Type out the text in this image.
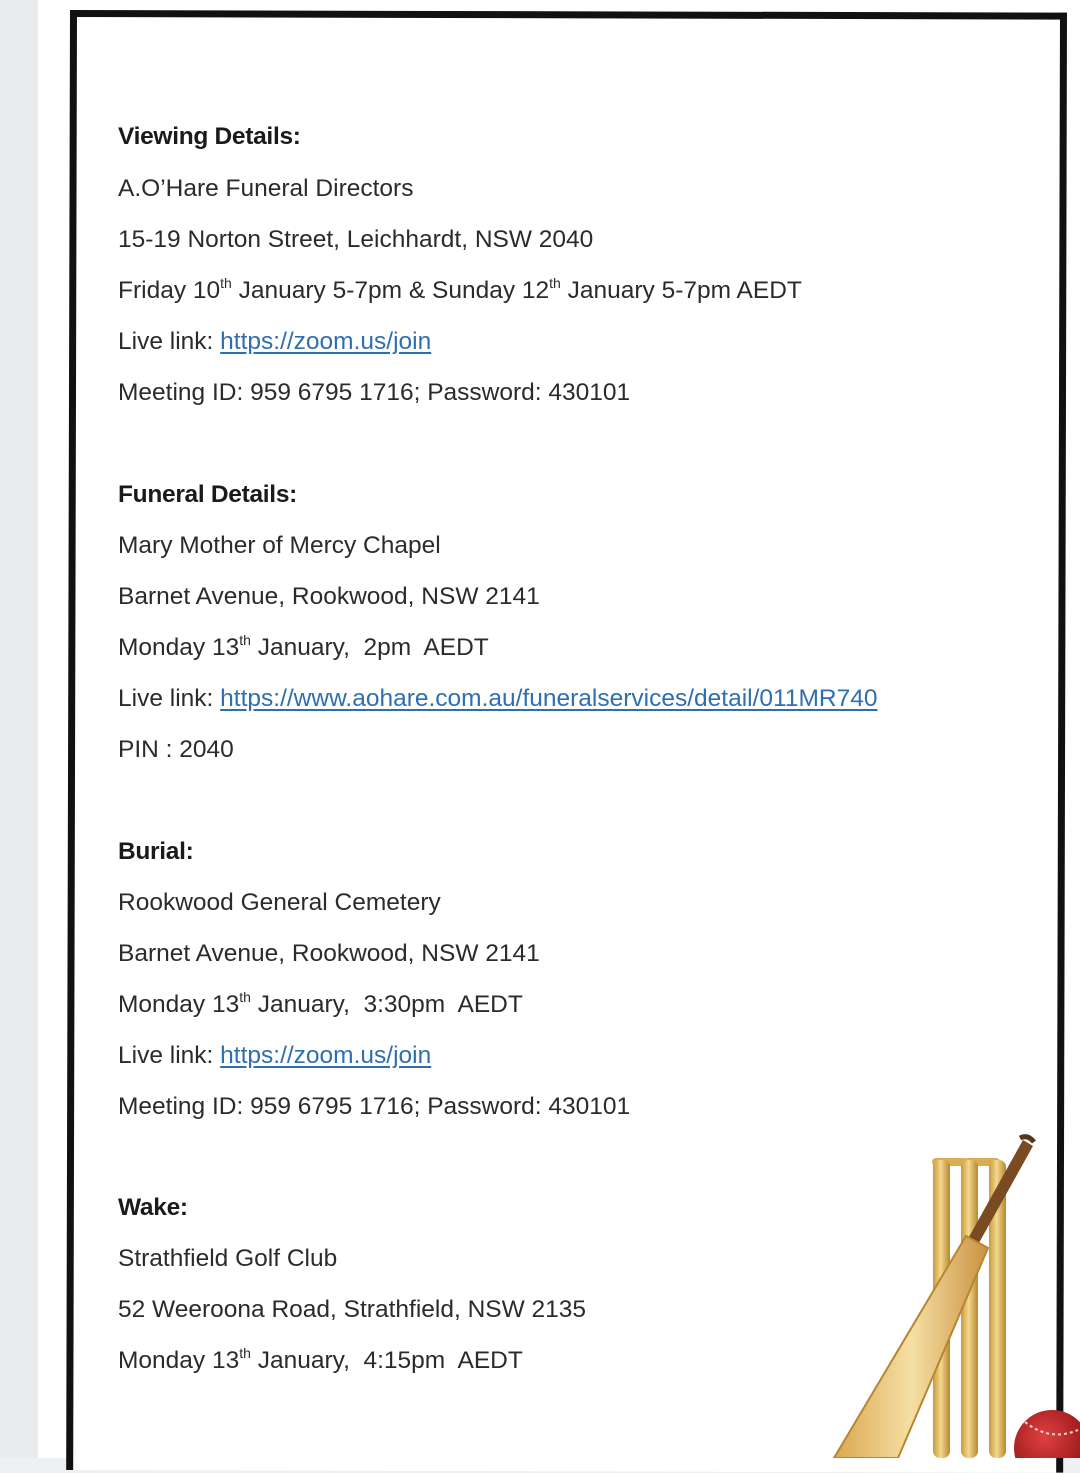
Viewing Details:
A.O’Hare Funeral Directors
15-19 Norton Street, Leichhardt, NSW 2040
Friday 10th January 5-7pm & Sunday 12th January 5-7pm AEDT
Live link: https://zoom.us/join
Meeting ID: 959 6795 1716; Password: 430101
Funeral Details:
Mary Mother of Mercy Chapel
Barnet Avenue, Rookwood, NSW 2141
Monday 13th January,  2pm  AEDT
Live link: https://www.aohare.com.au/funeralservices/detail/011MR740
PIN : 2040
Burial:
Rookwood General Cemetery
Barnet Avenue, Rookwood, NSW 2141
Monday 13th January,  3:30pm  AEDT
Live link: https://zoom.us/join
Meeting ID: 959 6795 1716; Password: 430101
Wake:
Strathfield Golf Club
52 Weeroona Road, Strathfield, NSW 2135
Monday 13th January,  4:15pm  AEDT
